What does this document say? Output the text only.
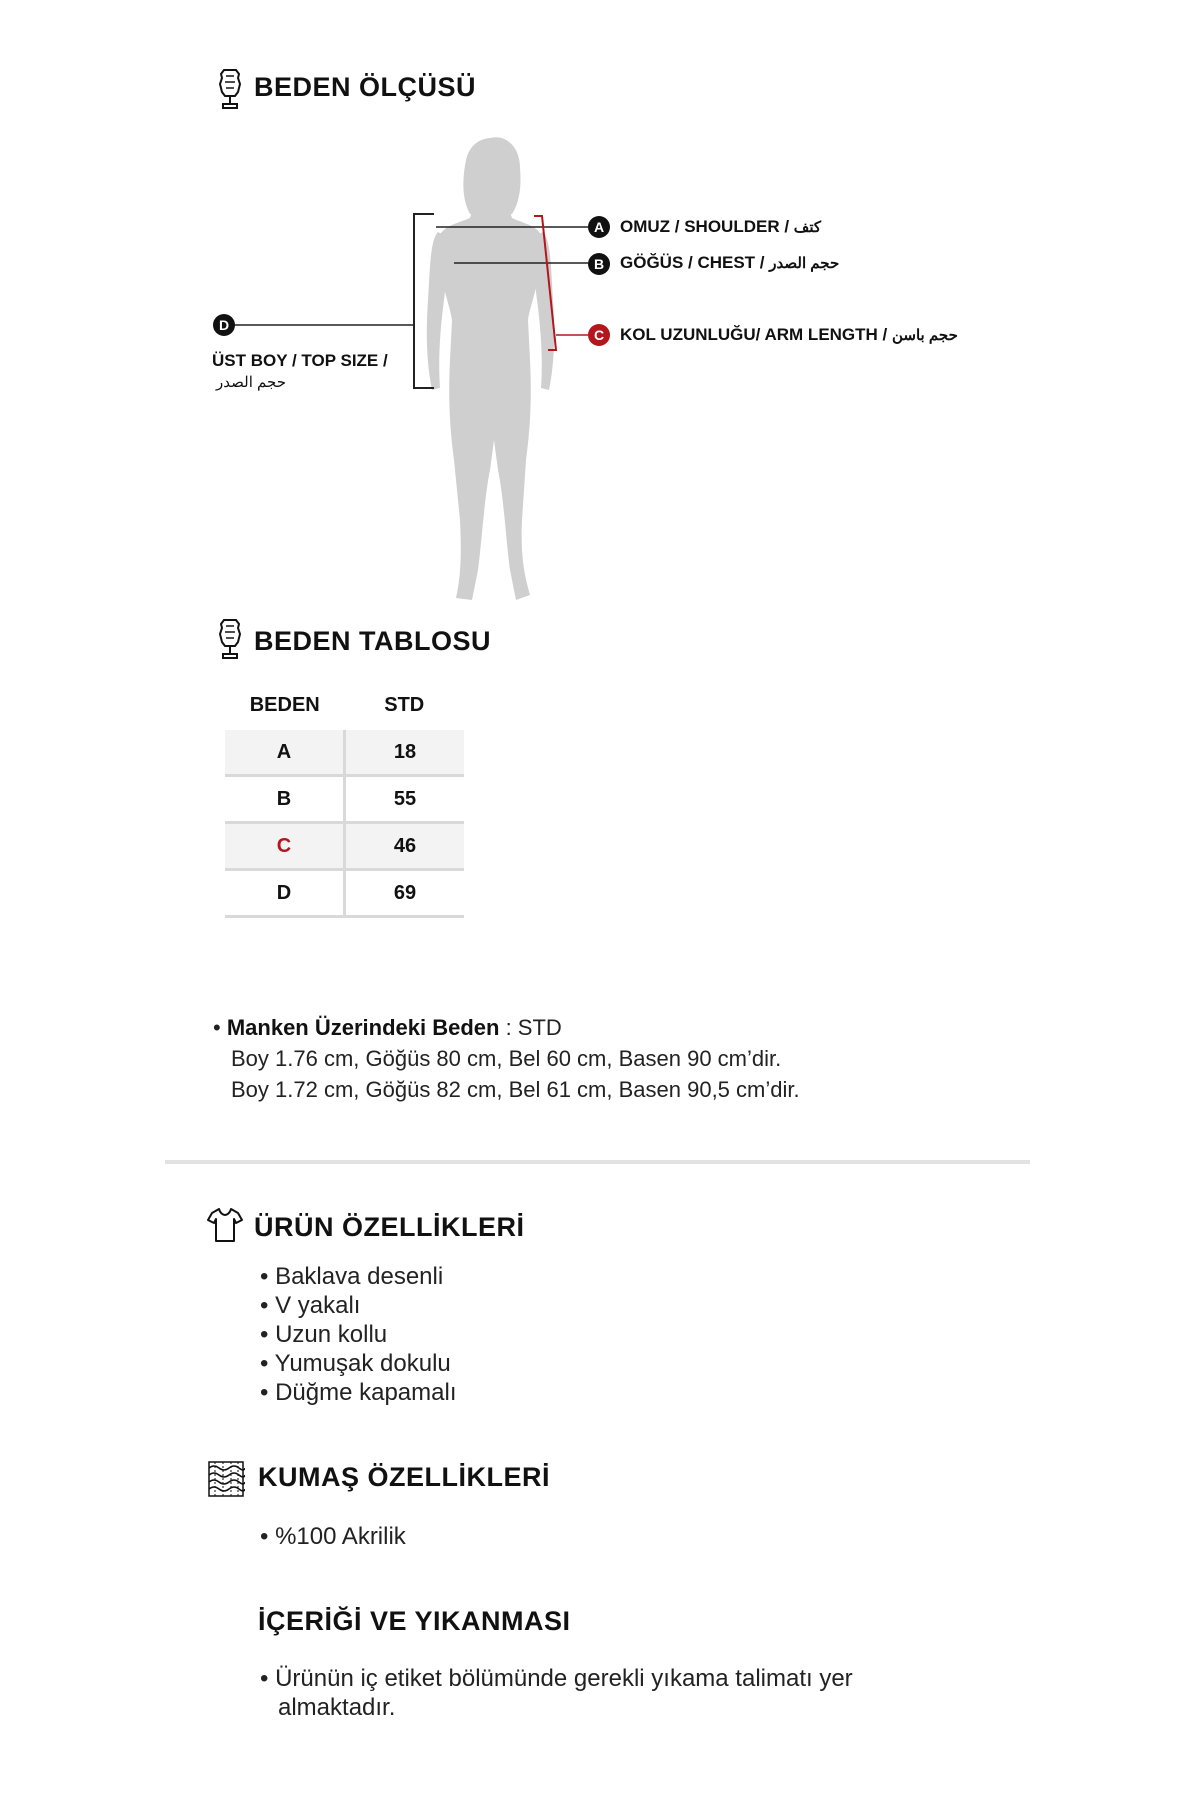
BEDEN ÖLÇÜSÜ
A OMUZ / SHOULDER / كتف
B GÖĞÜS / CHEST / حجم الصدر
C KOL UZUNLUĞU/ ARM LENGTH / حجم باسن
D
ÜST BOY / TOP SIZE /
حجم الصدر
BEDEN TABLOSU
BEDEN	STD
A	18
B	55
C	46
D	69
• Manken Üzerindeki Beden : STD
Boy 1.76 cm, Göğüs 80 cm, Bel 60 cm, Basen 90 cm’dir.
Boy 1.72 cm, Göğüs 82 cm, Bel 61 cm, Basen 90,5 cm’dir.
ÜRÜN ÖZELLİKLERİ
• Baklava desenli
• V yakalı
• Uzun kollu
• Yumuşak dokulu
• Düğme kapamalı
KUMAŞ ÖZELLİKLERİ
• %100 Akrilik
İÇERİĞİ VE YIKANMASI
• Ürünün iç etiket bölümünde gerekli yıkama talimatı yer
almaktadır.
